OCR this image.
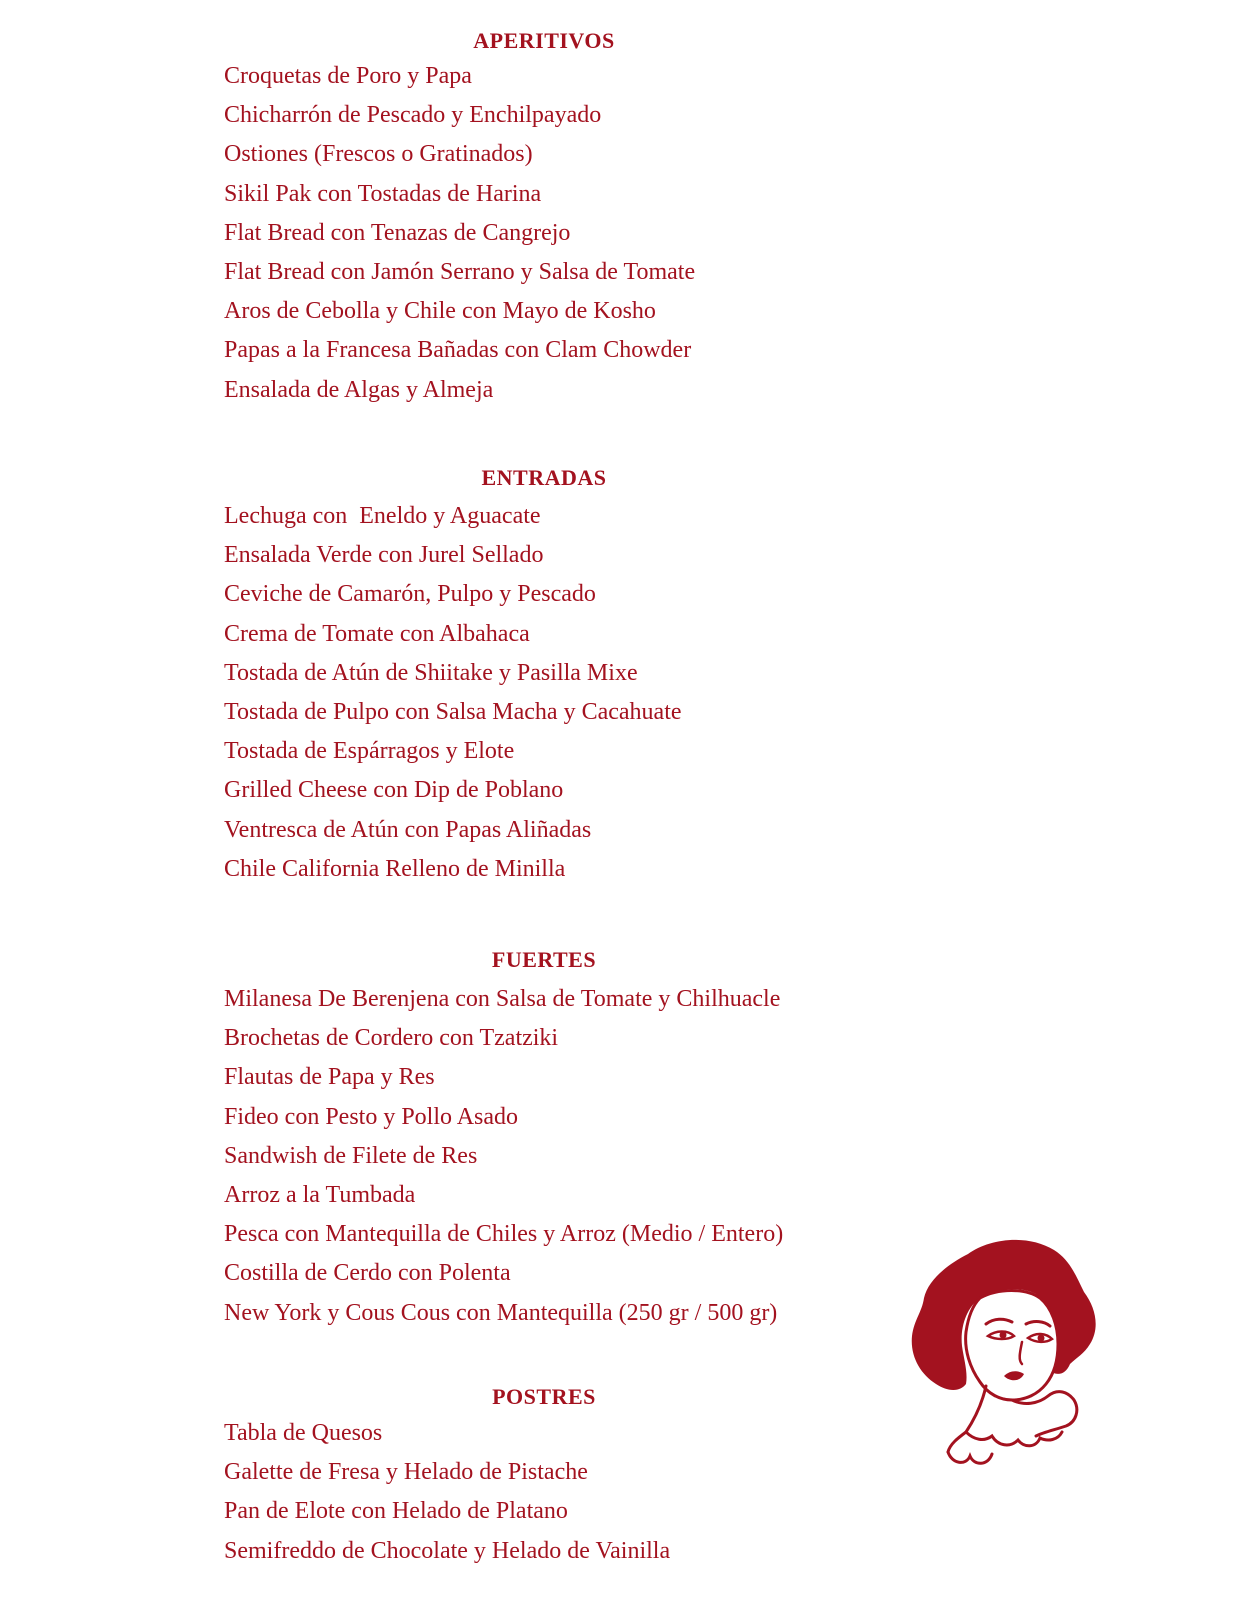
APERITIVOS
Croquetas de Poro y Papa
Chicharrón de Pescado y Enchilpayado
Ostiones (Frescos o Gratinados)
Sikil Pak con Tostadas de Harina
Flat Bread con Tenazas de Cangrejo
Flat Bread con Jamón Serrano y Salsa de Tomate
Aros de Cebolla y Chile con Mayo de Kosho
Papas a la Francesa Bañadas con Clam Chowder
Ensalada de Algas y Almeja
ENTRADAS
Lechuga con  Eneldo y Aguacate
Ensalada Verde con Jurel Sellado
Ceviche de Camarón, Pulpo y Pescado
Crema de Tomate con Albahaca
Tostada de Atún de Shiitake y Pasilla Mixe
Tostada de Pulpo con Salsa Macha y Cacahuate
Tostada de Espárragos y Elote
Grilled Cheese con Dip de Poblano
Ventresca de Atún con Papas Aliñadas
Chile California Relleno de Minilla
FUERTES
Milanesa De Berenjena con Salsa de Tomate y Chilhuacle
Brochetas de Cordero con Tzatziki
Flautas de Papa y Res
Fideo con Pesto y Pollo Asado
Sandwish de Filete de Res
Arroz a la Tumbada
Pesca con Mantequilla de Chiles y Arroz (Medio / Entero)
Costilla de Cerdo con Polenta
New York y Cous Cous con Mantequilla (250 gr / 500 gr)
POSTRES
Tabla de Quesos
Galette de Fresa y Helado de Pistache
Pan de Elote con Helado de Platano
Semifreddo de Chocolate y Helado de Vainilla
